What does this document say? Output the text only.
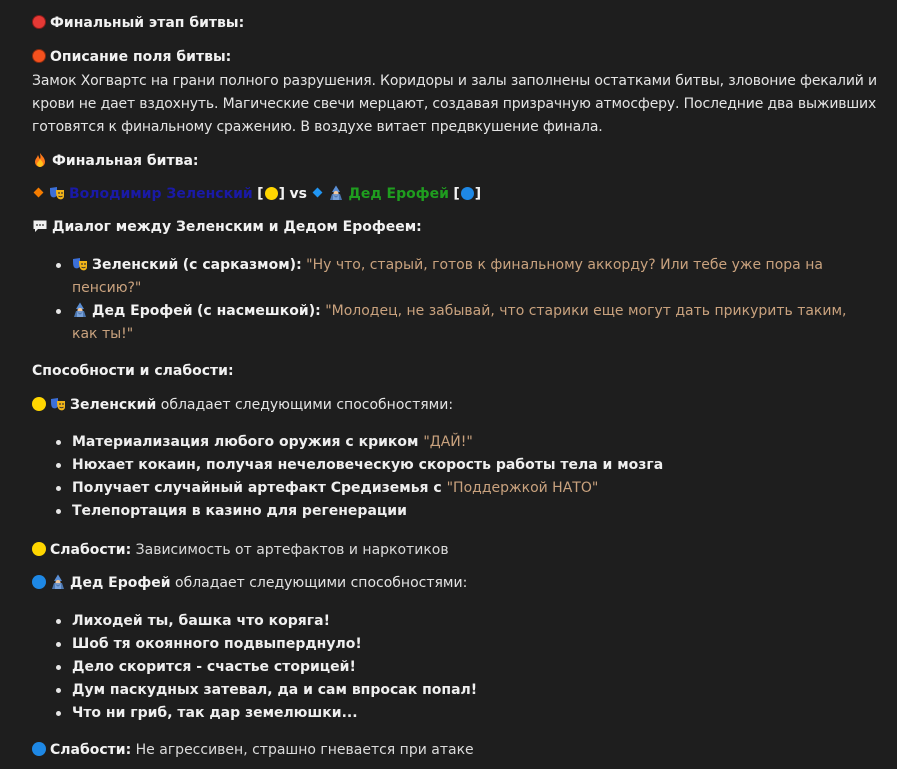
Финальный этап битвы:
Описание поля битвы:
Замок Хогвартс на грани полного разрушения. Коридоры и залы заполнены остатками битвы, зловоние фекалий и крови не дает вздохнуть. Магические свечи мерцают, создавая призрачную атмосферу. Последние два выживших готовятся к финальному сражению. В воздухе витает предвкушение финала.
Финальная битва:
Володимир Зеленский [ ] vs	Дед Ерофей [ ]
Диалог между Зеленским и Дедом Ерофеем:
Зеленский (с сарказмом): "Ну что, старый, готов к финальному аккорду? Или тебе уже пора на пенсию?"
Дед Ерофей (с насмешкой): "Молодец, не забывай, что старики еще могут дать прикурить таким, как ты!"
Способности и слабости:
Зеленский обладает следующими способностями:
Материализация любого оружия с криком "ДАЙ!"
Нюхает кокаин, получая нечеловеческую скорость работы тела и мозга
Получает случайный артефакт Средиземья с "Поддержкой НАТО"
Телепортация в казино для регенерации
Слабости: Зависимость от артефактов и наркотиков
Дед Ерофей обладает следующими способностями:
Лиходей ты, башка что коряга!
Шоб тя окоянного подвыперднуло!
Дело скорится - счастье сторицей!
Дум паскудных затевал, да и сам впросак попал!
Что ни гриб, так дар земелюшки...
Слабости: Не агрессивен, страшно гневается при атаке
